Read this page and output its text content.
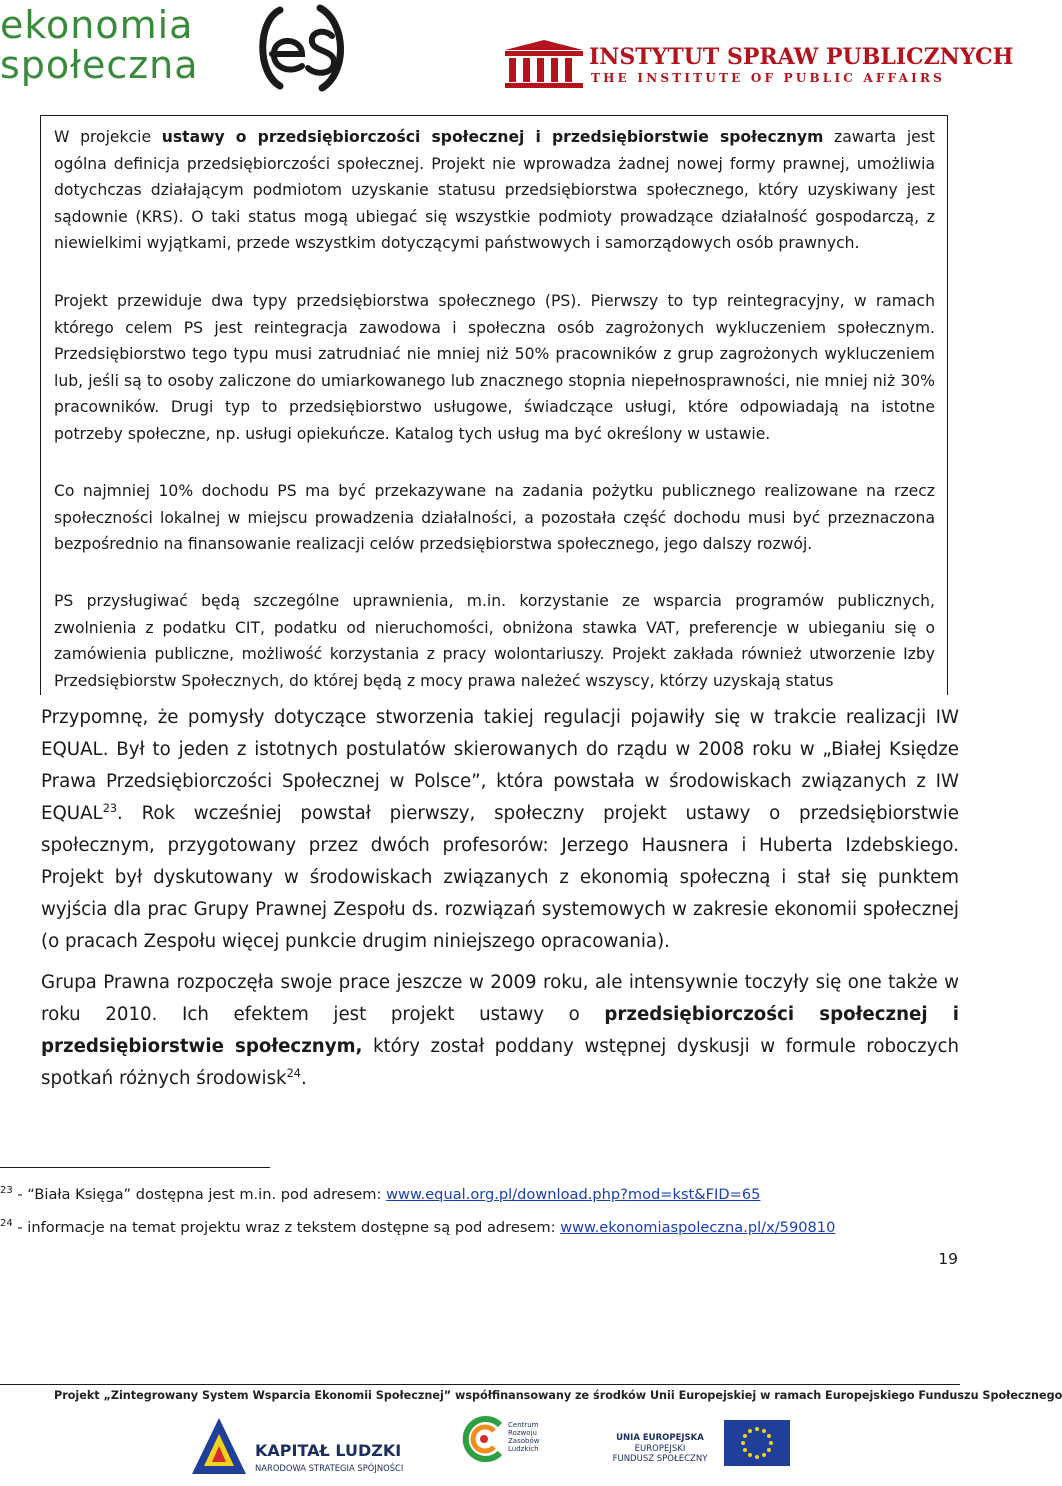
ekonomia
społeczna	INSTYTUT SPRAW PUBLICZNYCH
THE INSTITUTE OF PUBLIC AFFAIRS

W projekcie ustawy o przedsiębiorczości społecznej i przedsiębiorstwie społecznym zawarta jest ogólna definicja przedsiębiorczości społecznej. Projekt nie wprowadza żadnej nowej formy prawnej, umożliwia dotychczas działającym podmiotom uzyskanie statusu przedsiębiorstwa społecznego, który uzyskiwany jest sądownie (KRS). O taki status mogą ubiegać się wszystkie podmioty prowadzące działalność gospodarczą, z niewielkimi wyjątkami, przede wszystkim dotyczącymi państwowych i samorządowych osób prawnych.

Projekt przewiduje dwa typy przedsiębiorstwa społecznego (PS). Pierwszy to typ reintegracyjny, w ramach którego celem PS jest reintegracja zawodowa i społeczna osób zagrożonych wykluczeniem społecznym. Przedsiębiorstwo tego typu musi zatrudniać nie mniej niż 50% pracowników z grup zagrożonych wykluczeniem lub, jeśli są to osoby zaliczone do umiarkowanego lub znacznego stopnia niepełnosprawności, nie mniej niż 30% pracowników. Drugi typ to przedsiębiorstwo usługowe, świadczące usługi, które odpowiadają na istotne potrzeby społeczne, np. usługi opiekuńcze. Katalog tych usług ma być określony w ustawie.

Co najmniej 10% dochodu PS ma być przekazywane na zadania pożytku publicznego realizowane na rzecz społeczności lokalnej w miejscu prowadzenia działalności, a pozostała część dochodu musi być przeznaczona bezpośrednio na finansowanie realizacji celów przedsiębiorstwa społecznego, jego dalszy rozwój.

PS przysługiwać będą szczególne uprawnienia, m.in. korzystanie ze wsparcia programów publicznych, zwolnienia z podatku CIT, podatku od nieruchomości, obniżona stawka VAT, preferencje w ubieganiu się o zamówienia publiczne, możliwość korzystania z pracy wolontariuszy. Projekt zakłada również utworzenie Izby Przedsiębiorstw Społecznych, do której będą z mocy prawa należeć wszyscy, którzy uzyskają status

Przypomnę, że pomysły dotyczące stworzenia takiej regulacji pojawiły się w trakcie realizacji IW EQUAL. Był to jeden z istotnych postulatów skierowanych do rządu w 2008 roku w „Białej Księdze Prawa Przedsiębiorczości Społecznej w Polsce”, która powstała w środowiskach związanych z IW EQUAL$^{23}$. Rok wcześniej powstał pierwszy, społeczny projekt ustawy o przedsiębiorstwie społecznym, przygotowany przez dwóch profesorów: Jerzego Hausnera i Huberta Izdebskiego. Projekt był dyskutowany w środowiskach związanych z ekonomią społeczną i stał się punktem wyjścia dla prac Grupy Prawnej Zespołu ds. rozwiązań systemowych w zakresie ekonomii społecznej (o pracach Zespołu więcej punkcie drugim niniejszego opracowania).

Grupa Prawna rozpoczęła swoje prace jeszcze w 2009 roku, ale intensywnie toczyły się one także w roku 2010. Ich efektem jest projekt ustawy o przedsiębiorczości społecznej i przedsiębiorstwie społecznym, który został poddany wstępnej dyskusji w formule roboczych spotkań różnych środowisk$^{24}$.

$^{23}$ - “Biała Księga” dostępna jest m.in. pod adresem: www.equal.org.pl/download.php?mod=kst&FID=65
$^{24}$ - informacje na temat projektu wraz z tekstem dostępne są pod adresem: www.ekonomiaspoleczna.pl/x/590810
19
Projekt „Zintegrowany System Wsparcia Ekonomii Społecznej” współfinansowany ze środków Unii Europejskiej w ramach Europejskiego Funduszu Społecznego
KAPITAŁ LUDZKI
NARODOWA STRATEGIA SPÓJNOŚCI
Centrum Rozwoju Zasobów Ludzkich
UNIA EUROPEJSKA
EUROPEJSKI
FUNDUSZ SPOŁECZNY
